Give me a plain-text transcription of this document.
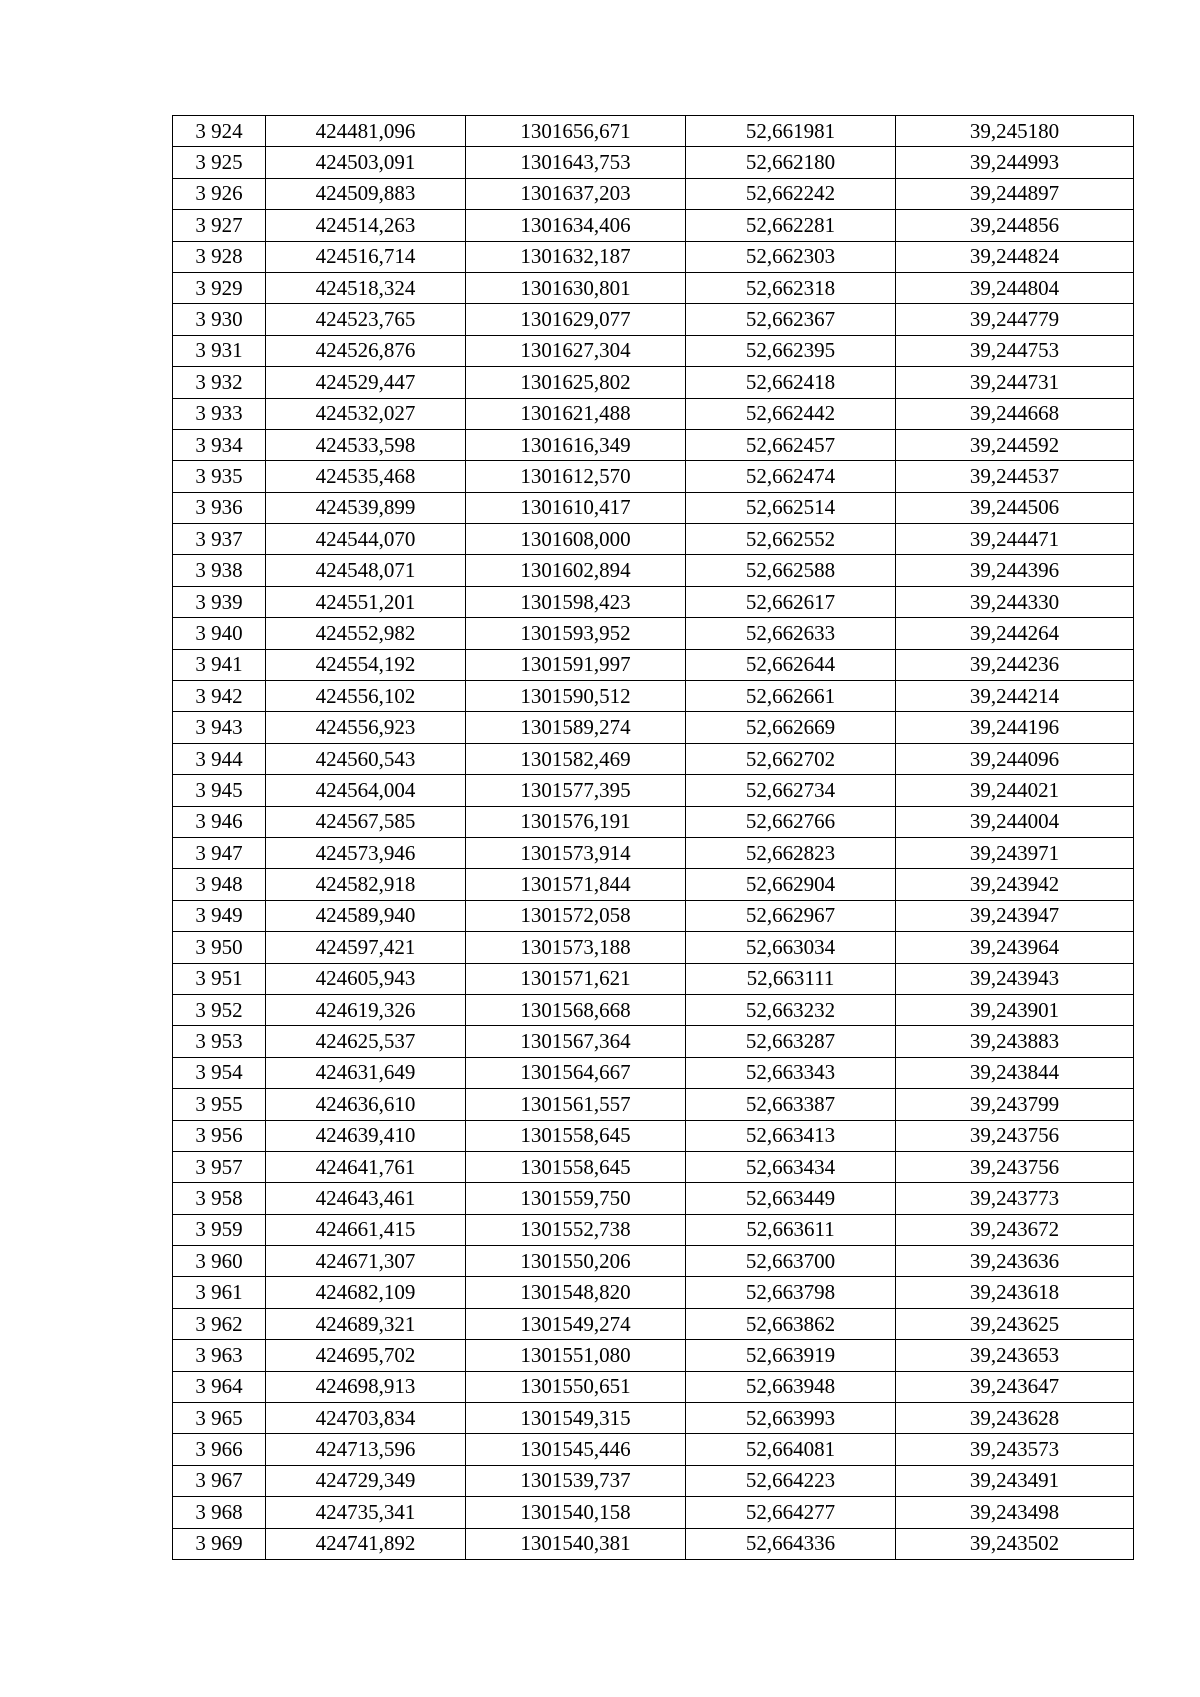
3 924	424481,096	1301656,671	52,661981	39,245180
3 925	424503,091	1301643,753	52,662180	39,244993
3 926	424509,883	1301637,203	52,662242	39,244897
3 927	424514,263	1301634,406	52,662281	39,244856
3 928	424516,714	1301632,187	52,662303	39,244824
3 929	424518,324	1301630,801	52,662318	39,244804
3 930	424523,765	1301629,077	52,662367	39,244779
3 931	424526,876	1301627,304	52,662395	39,244753
3 932	424529,447	1301625,802	52,662418	39,244731
3 933	424532,027	1301621,488	52,662442	39,244668
3 934	424533,598	1301616,349	52,662457	39,244592
3 935	424535,468	1301612,570	52,662474	39,244537
3 936	424539,899	1301610,417	52,662514	39,244506
3 937	424544,070	1301608,000	52,662552	39,244471
3 938	424548,071	1301602,894	52,662588	39,244396
3 939	424551,201	1301598,423	52,662617	39,244330
3 940	424552,982	1301593,952	52,662633	39,244264
3 941	424554,192	1301591,997	52,662644	39,244236
3 942	424556,102	1301590,512	52,662661	39,244214
3 943	424556,923	1301589,274	52,662669	39,244196
3 944	424560,543	1301582,469	52,662702	39,244096
3 945	424564,004	1301577,395	52,662734	39,244021
3 946	424567,585	1301576,191	52,662766	39,244004
3 947	424573,946	1301573,914	52,662823	39,243971
3 948	424582,918	1301571,844	52,662904	39,243942
3 949	424589,940	1301572,058	52,662967	39,243947
3 950	424597,421	1301573,188	52,663034	39,243964
3 951	424605,943	1301571,621	52,663111	39,243943
3 952	424619,326	1301568,668	52,663232	39,243901
3 953	424625,537	1301567,364	52,663287	39,243883
3 954	424631,649	1301564,667	52,663343	39,243844
3 955	424636,610	1301561,557	52,663387	39,243799
3 956	424639,410	1301558,645	52,663413	39,243756
3 957	424641,761	1301558,645	52,663434	39,243756
3 958	424643,461	1301559,750	52,663449	39,243773
3 959	424661,415	1301552,738	52,663611	39,243672
3 960	424671,307	1301550,206	52,663700	39,243636
3 961	424682,109	1301548,820	52,663798	39,243618
3 962	424689,321	1301549,274	52,663862	39,243625
3 963	424695,702	1301551,080	52,663919	39,243653
3 964	424698,913	1301550,651	52,663948	39,243647
3 965	424703,834	1301549,315	52,663993	39,243628
3 966	424713,596	1301545,446	52,664081	39,243573
3 967	424729,349	1301539,737	52,664223	39,243491
3 968	424735,341	1301540,158	52,664277	39,243498
3 969	424741,892	1301540,381	52,664336	39,243502
